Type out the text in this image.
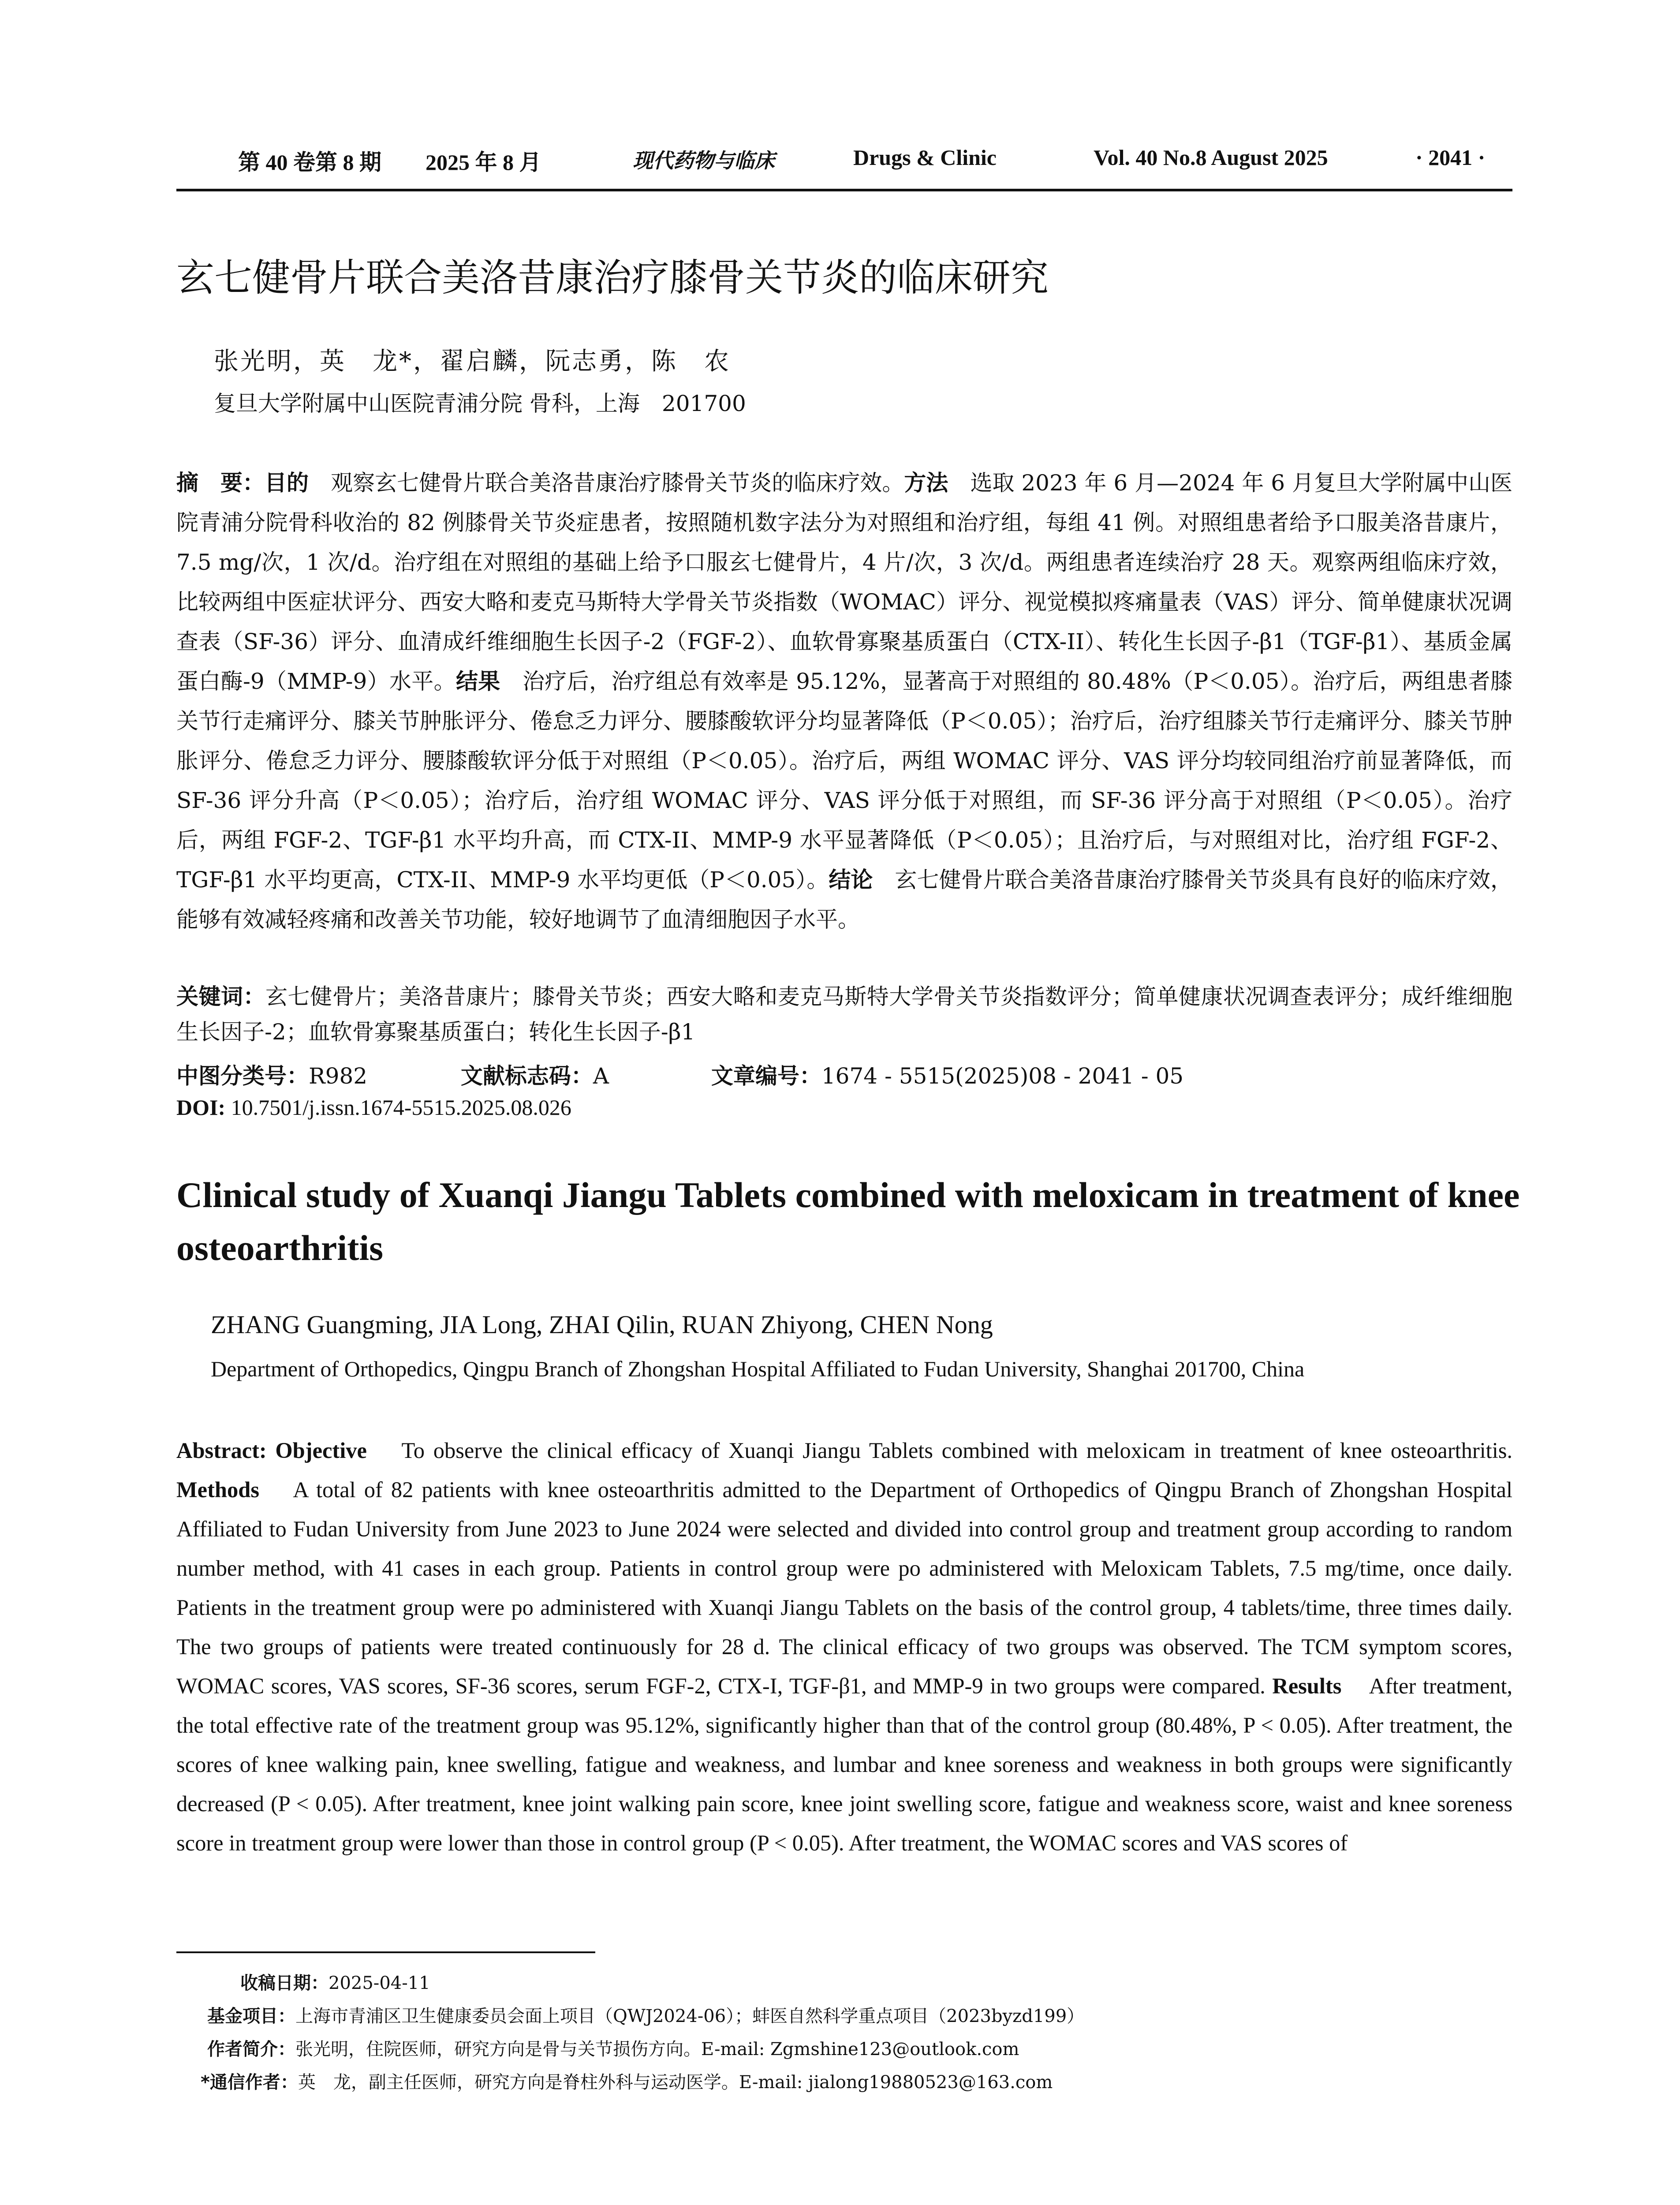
第 40 卷第 8 期 2025 年 8 月	现代药物与临床	Drugs & Clinic	Vol. 40 No.8 August 2025	· 2041 ·
玄七健骨片联合美洛昔康治疗膝骨关节炎的临床研究
张光明，英　龙*，翟启麟，阮志勇，陈　农
复旦大学附属中山医院青浦分院 骨科，上海　201700
摘　要：目的　 观察玄七健骨片联合美洛昔康治疗膝骨关节炎的临床疗效。方法　 选取 2023 年 6 月—2024 年 6 月复旦大学附属中山医院青浦分院骨科收治的 82 例膝骨关节炎症患者，按照随机数字法分为对照组和治疗组，每组 41 例。对照组患者给予口服美洛昔康片，7.5 mg/次，1 次/d。治疗组在对照组的基础上给予口服玄七健骨片，4 片/次，3 次/d。两组患者连续治疗 28 天。观察两组临床疗效，比较两组中医症状评分、西安大略和麦克马斯特大学骨关节炎指数（WOMAC）评分、视觉模拟疼痛量表（VAS）评分、简单健康状况调查表（SF-36）评分、血清成纤维细胞生长因子-2（FGF-2）、血软骨寡聚基质蛋白（CTX-II）、转化生长因子-β1（TGF-β1）、基质金属蛋白酶-9（MMP-9）水平。结果　 治疗后，治疗组总有效率是 95.12%，显著高于对照组的 80.48%（P＜0.05）。治疗后，两组患者膝关节行走痛评分、膝关节肿胀评分、倦怠乏力评分、腰膝酸软评分均显著降低（P＜0.05）；治疗后，治疗组膝关节行走痛评分、膝关节肿胀评分、倦怠乏力评分、腰膝酸软评分低于对照组（P＜0.05）。治疗后，两组 WOMAC 评分、VAS 评分均较同组治疗前显著降低，而 SF-36 评分升高（P＜0.05）；治疗后，治疗组 WOMAC 评分、VAS 评分低于对照组，而 SF-36 评分高于对照组（P＜0.05）。治疗后，两组 FGF-2、TGF-β1 水平均升高，而 CTX-II、MMP-9 水平显著降低（P＜0.05）；且治疗后，与对照组对比，治疗组 FGF-2、TGF-β1 水平均更高，CTX-II、MMP-9 水平均更低（P＜0.05）。结论　 玄七健骨片联合美洛昔康治疗膝骨关节炎具有良好的临床疗效，能够有效减轻疼痛和改善关节功能，较好地调节了血清细胞因子水平。
关键词：玄七健骨片；美洛昔康片；膝骨关节炎；西安大略和麦克马斯特大学骨关节炎指数评分；简单健康状况调查表评分；成纤维细胞生长因子-2；血软骨寡聚基质蛋白；转化生长因子-β1
中图分类号：R982	文献标志码：A	文章编号：1674 - 5515(2025)08 - 2041 - 05
DOI: 10.7501/j.issn.1674-5515.2025.08.026
Clinical study of Xuanqi Jiangu Tablets combined with meloxicam in treatment of knee osteoarthritis
ZHANG Guangming, JIA Long, ZHAI Qilin, RUAN Zhiyong, CHEN Nong
Department of Orthopedics, Qingpu Branch of Zhongshan Hospital Affiliated to Fudan University, Shanghai 201700, China
Abstract: Objective To observe the clinical efficacy of Xuanqi Jiangu Tablets combined with meloxicam in treatment of knee osteoarthritis. Methods A total of 82 patients with knee osteoarthritis admitted to the Department of Orthopedics of Qingpu Branch of Zhongshan Hospital Affiliated to Fudan University from June 2023 to June 2024 were selected and divided into control group and treatment group according to random number method, with 41 cases in each group. Patients in control group were po administered with Meloxicam Tablets, 7.5 mg/time, once daily. Patients in the treatment group were po administered with Xuanqi Jiangu Tablets on the basis of the control group, 4 tablets/time, three times daily. The two groups of patients were treated continuously for 28 d. The clinical efficacy of two groups was observed. The TCM symptom scores, WOMAC scores, VAS scores, SF-36 scores, serum FGF-2, CTX-I, TGF-β1, and MMP-9 in two groups were compared. Results After treatment, the total effective rate of the treatment group was 95.12%, significantly higher than that of the control group (80.48%, P < 0.05). After treatment, the scores of knee walking pain, knee swelling, fatigue and weakness, and lumbar and knee soreness and weakness in both groups were significantly decreased (P < 0.05). After treatment, knee joint walking pain score, knee joint swelling score, fatigue and weakness score, waist and knee soreness score in treatment group were lower than those in control group (P < 0.05). After treatment, the WOMAC scores and VAS scores of
收稿日期：2025-04-11
基金项目：上海市青浦区卫生健康委员会面上项目（QWJ2024-06）；蚌医自然科学重点项目（2023byzd199）
作者简介：张光明，住院医师，研究方向是骨与关节损伤方向。E-mail: Zgmshine123@outlook.com
*通信作者：英　龙，副主任医师，研究方向是脊柱外科与运动医学。E-mail: jialong19880523@163.com
